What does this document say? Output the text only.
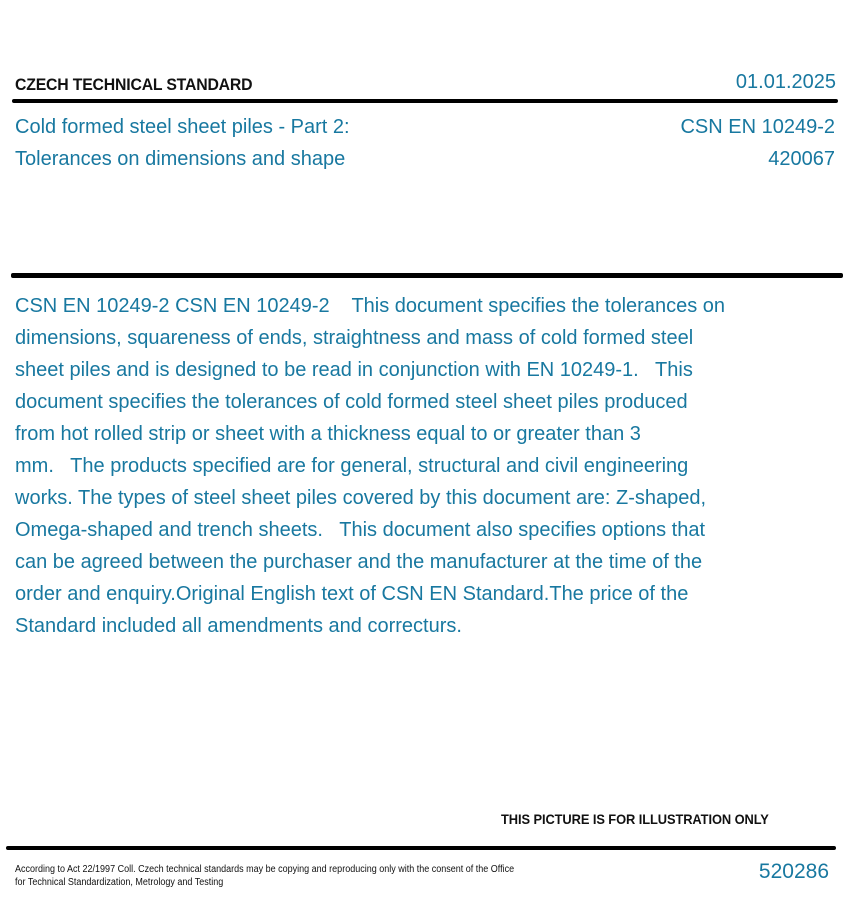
CZECH TECHNICAL STANDARD	01.01.2025
Cold formed steel sheet piles - Part 2:
Tolerances on dimensions and shape
CSN EN 10249-2
420067
CSN EN 10249-2 CSN EN 10249-2    This document specifies the tolerances on
dimensions, squareness of ends, straightness and mass of cold formed steel
sheet piles and is designed to be read in conjunction with EN 10249-1.   This
document specifies the tolerances of cold formed steel sheet piles produced
from hot rolled strip or sheet with a thickness equal to or greater than 3
mm.   The products specified are for general, structural and civil engineering
works. The types of steel sheet piles covered by this document are: Z-shaped,
Omega-shaped and trench sheets.   This document also specifies options that
can be agreed between the purchaser and the manufacturer at the time of the
order and enquiry.Original English text of CSN EN Standard.The price of the
Standard included all amendments and correcturs.
THIS PICTURE IS FOR ILLUSTRATION ONLY
According to Act 22/1997 Coll. Czech technical standards may be copying and reproducing only with the consent of the Office
for Technical Standardization, Metrology and Testing	520286
